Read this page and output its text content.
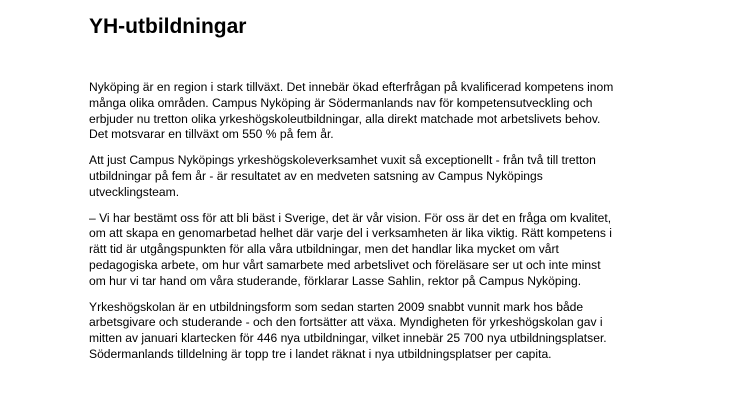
YH-utbildningar

Nyköping är en region i stark tillväxt. Det innebär ökad efterfrågan på kvalificerad kompetens inom
många olika områden. Campus Nyköping är Södermanlands nav för kompetensutveckling och
erbjuder nu tretton olika yrkeshögskoleutbildningar, alla direkt matchade mot arbetslivets behov.
Det motsvarar en tillväxt om 550 % på fem år.

Att just Campus Nyköpings yrkeshögskoleverksamhet vuxit så exceptionellt - från två till tretton
utbildningar på fem år - är resultatet av en medveten satsning av Campus Nyköpings
utvecklingsteam.

– Vi har bestämt oss för att bli bäst i Sverige, det är vår vision. För oss är det en fråga om kvalitet,
om att skapa en genomarbetad helhet där varje del i verksamheten är lika viktig. Rätt kompetens i
rätt tid är utgångspunkten för alla våra utbildningar, men det handlar lika mycket om vårt
pedagogiska arbete, om hur vårt samarbete med arbetslivet och föreläsare ser ut och inte minst
om hur vi tar hand om våra studerande, förklarar Lasse Sahlin, rektor på Campus Nyköping.

Yrkeshögskolan är en utbildningsform som sedan starten 2009 snabbt vunnit mark hos både
arbetsgivare och studerande - och den fortsätter att växa. Myndigheten för yrkeshögskolan gav i
mitten av januari klartecken för 446 nya utbildningar, vilket innebär 25 700 nya utbildningsplatser.
Södermanlands tilldelning är topp tre i landet räknat i nya utbildningsplatser per capita.
